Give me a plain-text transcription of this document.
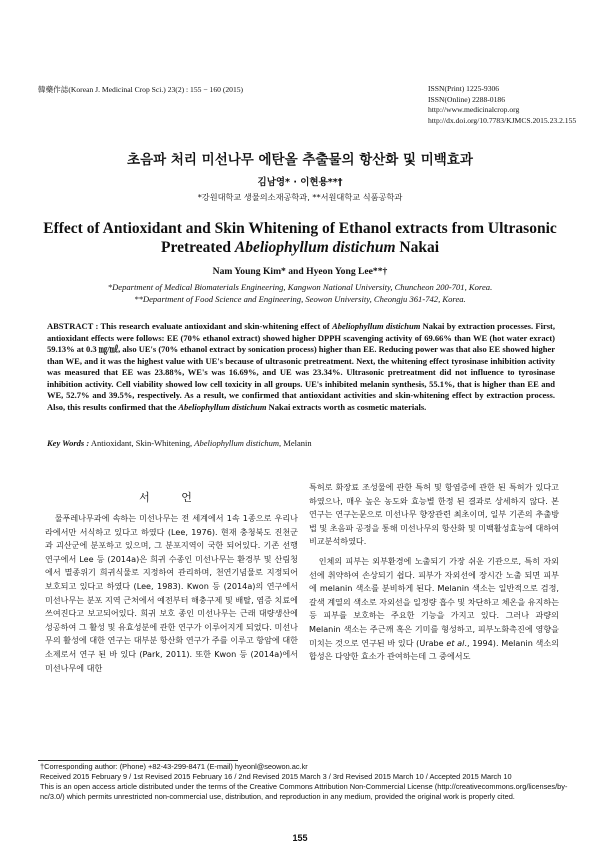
韓藥作誌(Korean J. Medicinal Crop Sci.) 23(2) : 155 − 160 (2015)	ISSN(Print) 1225-9306
ISSN(Online) 2288-0186
http://www.medicinalcrop.org
http://dx.doi.org/10.7783/KJMCS.2015.23.2.155
초음파 처리 미선나무 에탄올 추출물의 항산화 및 미백효과
김남영* · 이현용**†
*강원대학교 생물의소재공학과, **서원대학교 식품공학과
Effect of Antioxidant and Skin Whitening of Ethanol extracts from Ultrasonic
Pretreated Abeliophyllum distichum Nakai
Nam Young Kim* and Hyeon Yong Lee**†
*Department of Medical Biomaterials Engineering, Kangwon National University, Chuncheon 200-701, Korea.
**Department of Food Science and Engineering, Seowon University, Cheongju 361-742, Korea.
ABSTRACT : This research evaluate antioxidant and skin-whitening effect of Abeliophyllum distichum Nakai by extraction processes. First, antioxidant effects were follows: EE (70% ethanol extract) showed higher DPPH scavenging activity of 69.66% than WE (hot water exract) 59.13% at 0.3 ㎎/㎖, also UE's (70% ethanol extract by sonication process) higher than EE. Reducing power was that also EE showed higher than WE, and it was the highest value with UE's because of ultrasonic pretreatment. Next, the whitening effect tyrosinase inhibition activity was measured that EE was 23.88%, WE's was 16.69%, and UE was 23.34%. Ultrasonic pretreatment did not influence to tyrosinase inhibition activity. Cell viability showed low cell toxicity in all groups. UE's inhibited melanin synthesis, 55.1%, that is higher than EE and WE, 52.7% and 39.5%, respectively. As a result, we confirmed that antioxidant activities and skin-whitening effect by extraction process. Also, this results confirmed that the Abeliophyllum distichum Nakai extracts worth as cosmetic materials.
Key Words : Antioxidant, Skin-Whitening, Abeliophyllum distichum, Melanin
서 언

물푸레나무과에 속하는 미선나무는 전 세계에서 1속 1종으로 우리나라에서만 서식하고 있다고 하였다 (Lee, 1976). 현재 충청북도 진천군과 괴산군에 분포하고 있으며, 그 분포지역이 국한 되어있다. 기존 선행연구에서 Lee 등 (2014a)은 희귀 수종인 미선나무는 환경부 및 산림청에서 멸종위기 희귀식물로 지정하여 관리하며, 천연기념물로 지정되어 보호되고 있다고 하였다 (Lee, 1983). Kwon 등 (2014a)의 연구에서 미선나무는 분포 지역 근처에서 예전부터 해충구제 및 배탈, 염증 치료에 쓰여진다고 보고되어있다. 희귀 보호 종인 미선나무는 근래 대량생산에 성공하여 그 활성 및 유효성분에 관한 연구가 이루어지게 되었다. 미선나무의 활성에 대한 연구는 대부분 항산화 연구가 주를 이루고 항암에 대한 소제로서 연구 된 바 있다 (Park, 2011). 또한 Kwon 등 (2014a)에서 미선나무에 대한

특허로 화장료 조성물에 관한 특허 및 항염증에 관한 된 특허가 있다고 하였으나, 매우 높은 농도와 효능별 한정 된 결과로 상세하지 않다. 본 연구는 연구논문으로 미선나무 향장관련 최초이며, 일부 기존의 추출방법 및 초음파 공정을 통해 미선나무의 항산화 및 미백활성효능에 대하여 비교분석하였다.

인체의 피부는 외부환경에 노출되기 가장 쉬운 기관으로, 특히 자외선에 취약하여 손상되기 쉽다. 피부가 자외선에 장시간 노출 되면 피부에 melanin 색소를 분비하게 된다. Melanin 색소는 일반적으로 검정, 갈색 계열의 색소로 자외선을 일정량 흡수 및 차단하고 체온을 유지하는 등 피부를 보호하는 주요한 기능을 가지고 있다. 그러나 과량의 Melanin 색소는 주근깨 혹은 기미를 형성하고, 피부노화촉진에 영향을 미치는 것으로 연구된 바 있다 (Urabe et al., 1994). Melanin 색소의 합성은 다양한 효소가 관여하는데 그 중에서도

†Corresponding author: (Phone) +82-43-299-8471 (E-mail) hyeonl@seowon.ac.kr
Received 2015 February 9 / 1st Revised 2015 February 16 / 2nd Revised 2015 March 3 / 3rd Revised 2015 March 10 / Accepted 2015 March 10
This is an open access article distributed under the terms of the Creative Commons Attribution Non-Commercial License (http://creativecommons.org/licenses/by-nc/3.0/) which permits unrestricted non-commercial use, distribution, and reproduction in any medium, provided the original work is properly cited.
155
